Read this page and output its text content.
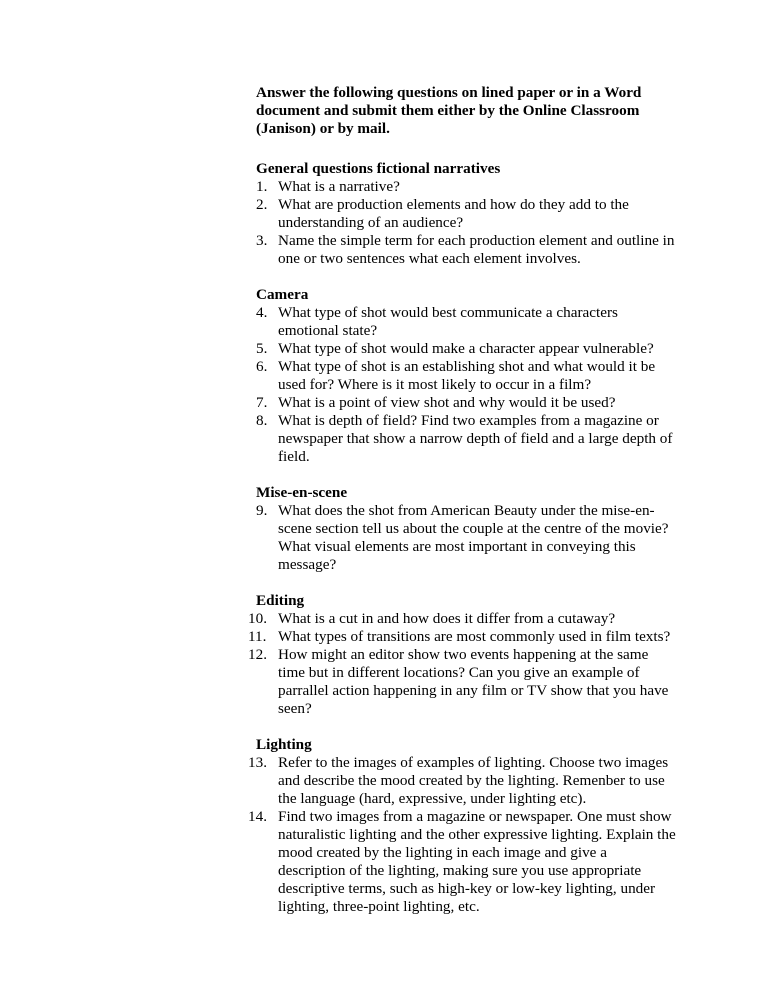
Answer the following questions on lined paper or in a Word document and submit them either by the Online Classroom (Janison) or by mail.

General questions fictional narratives

1. What is a narrative?
2. What are production elements and how do they add to the understanding of an audience?
3. Name the simple term for each production element and outline in one or two sentences what each element involves.

Camera

4. What type of shot would best communicate a characters emotional state?
5. What type of shot would make a character appear vulnerable?
6. What type of shot is an establishing shot and what would it be used for? Where is it most likely to occur in a film?
7. What is a point of view shot and why would it be used?
8. What is depth of field? Find two examples from a magazine or newspaper that show a narrow depth of field and a large depth of field.

Mise-en-scene

9. What does the shot from American Beauty under the mise-en-scene section tell us about the couple at the centre of the movie? What visual elements are most important in conveying this message?

Editing

10. What is a cut in and how does it differ from a cutaway?
11. What types of transitions are most commonly used in film texts?
12. How might an editor show two events happening at the same time but in different locations? Can you give an example of parrallel action happening in any film or TV show that you have seen?

Lighting

13. Refer to the images of examples of lighting. Choose two images and describe the mood created by the lighting. Remenber to use the language (hard, expressive, under lighting etc).
14. Find two images from a magazine or newspaper. One must show naturalistic lighting and the other expressive lighting. Explain the mood created by the lighting in each image and give a description of the lighting, making sure you use appropriate descriptive terms, such as high-key or low-key lighting, under lighting, three-point lighting, etc.
